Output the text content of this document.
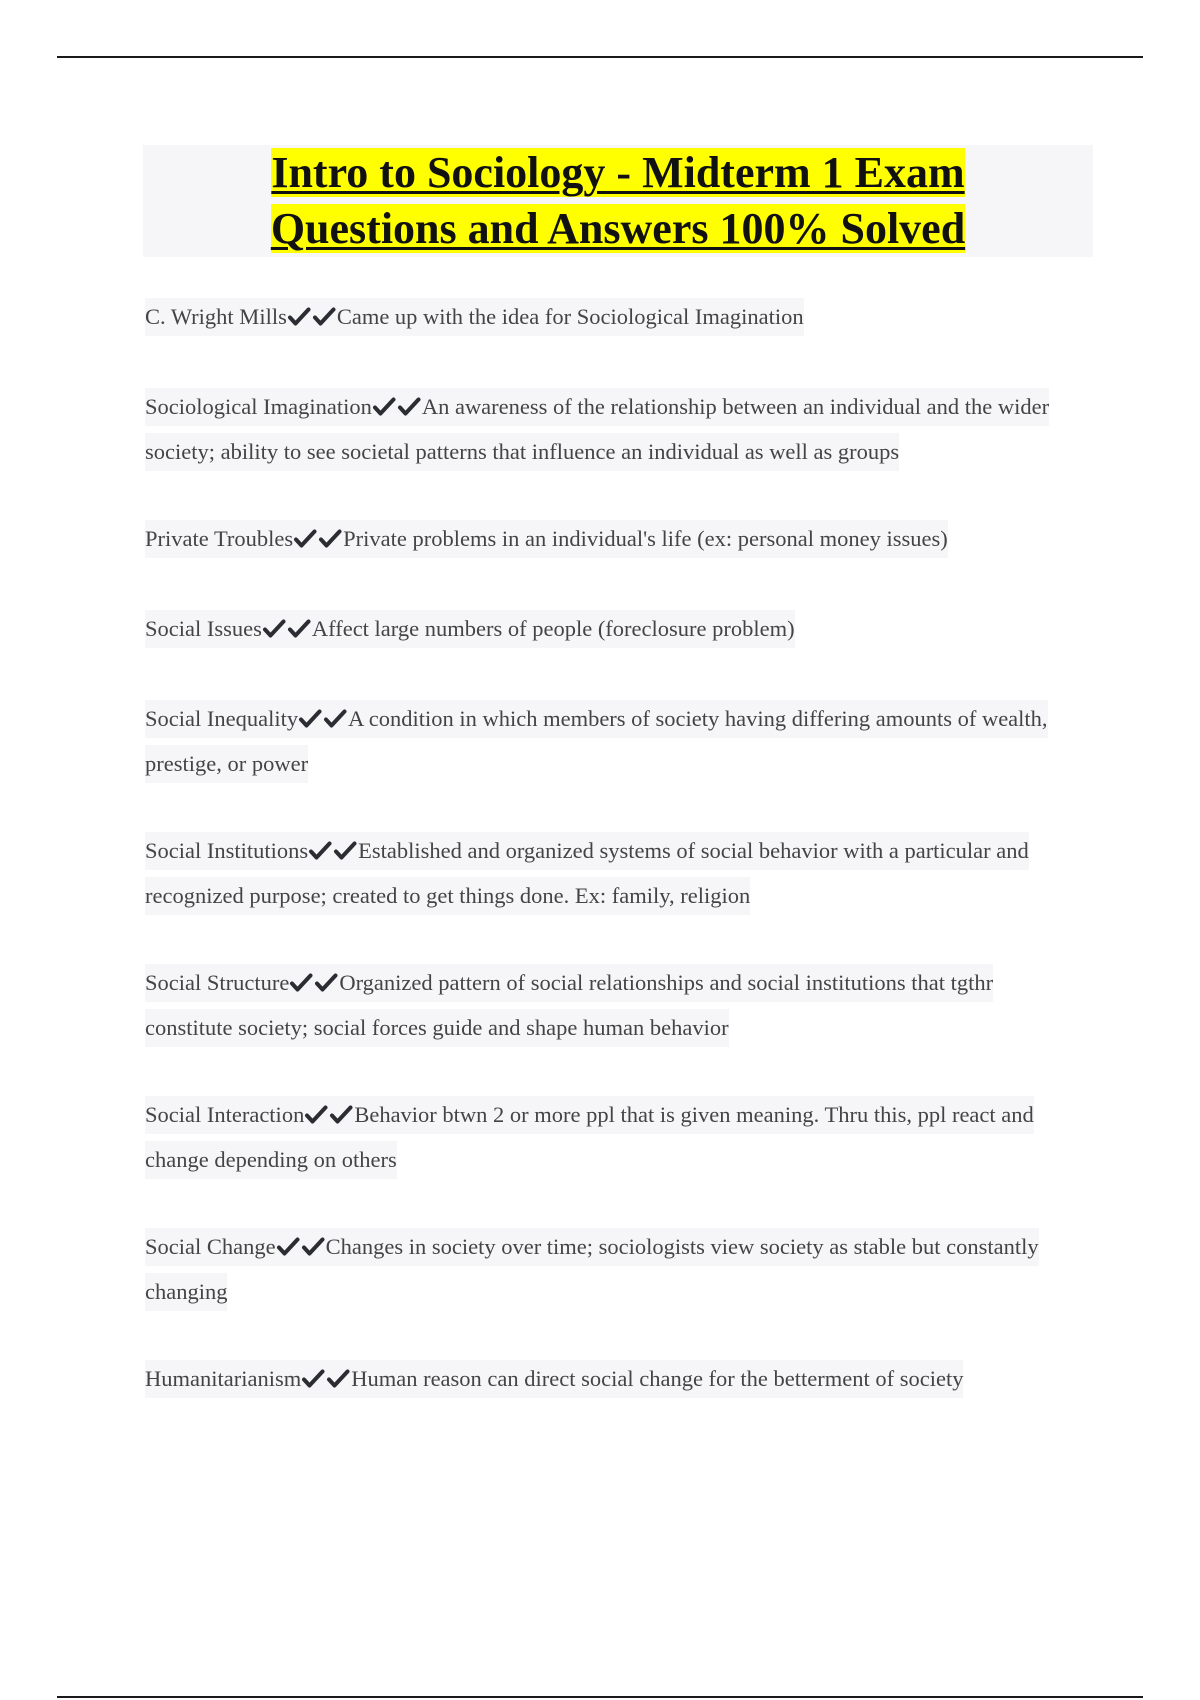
Intro to Sociology - Midterm 1 Exam
Questions and Answers 100% Solved
C. Wright Mills Came up with the idea for Sociological Imagination
Sociological Imagination An awareness of the relationship between an individual and the wider society; ability to see societal patterns that influence an individual as well as groups
Private Troubles Private problems in an individual's life (ex: personal money issues)
Social Issues Affect large numbers of people (foreclosure problem)
Social Inequality A condition in which members of society having differing amounts of wealth, prestige, or power
Social Institutions Established and organized systems of social behavior with a particular and recognized purpose; created to get things done. Ex: family, religion
Social Structure Organized pattern of social relationships and social institutions that tgthr constitute society; social forces guide and shape human behavior
Social Interaction Behavior btwn 2 or more ppl that is given meaning. Thru this, ppl react and change depending on others
Social Change Changes in society over time; sociologists view society as stable but constantly changing
Humanitarianism Human reason can direct social change for the betterment of society
